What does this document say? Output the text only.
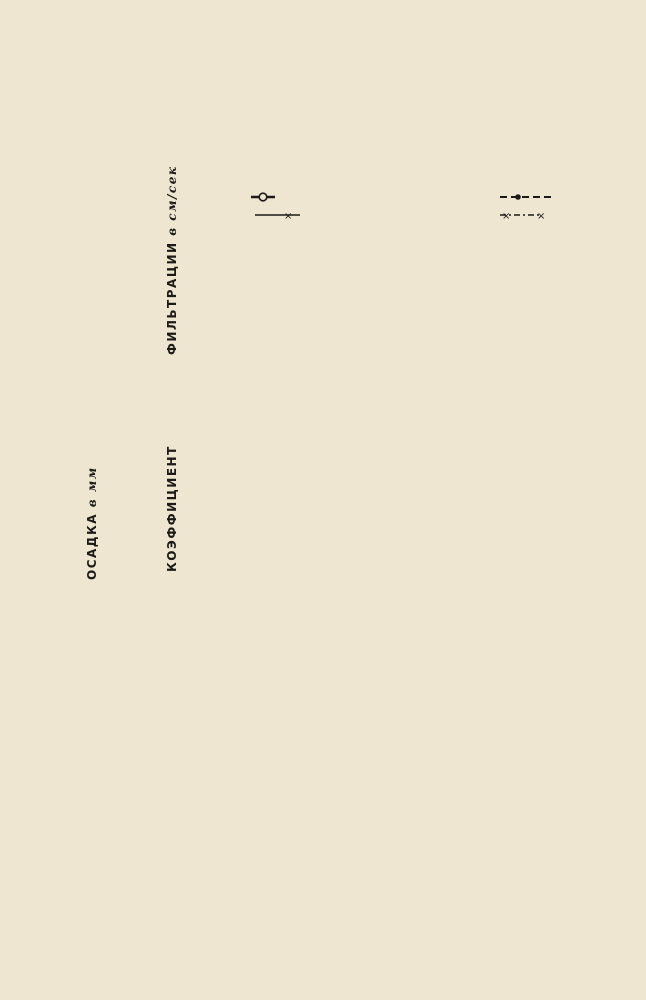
×	×	×
ФИЛЬТРАЦИИ в см/сек
КОЭФФИЦИЕНТ
ОСАДКА в мм
